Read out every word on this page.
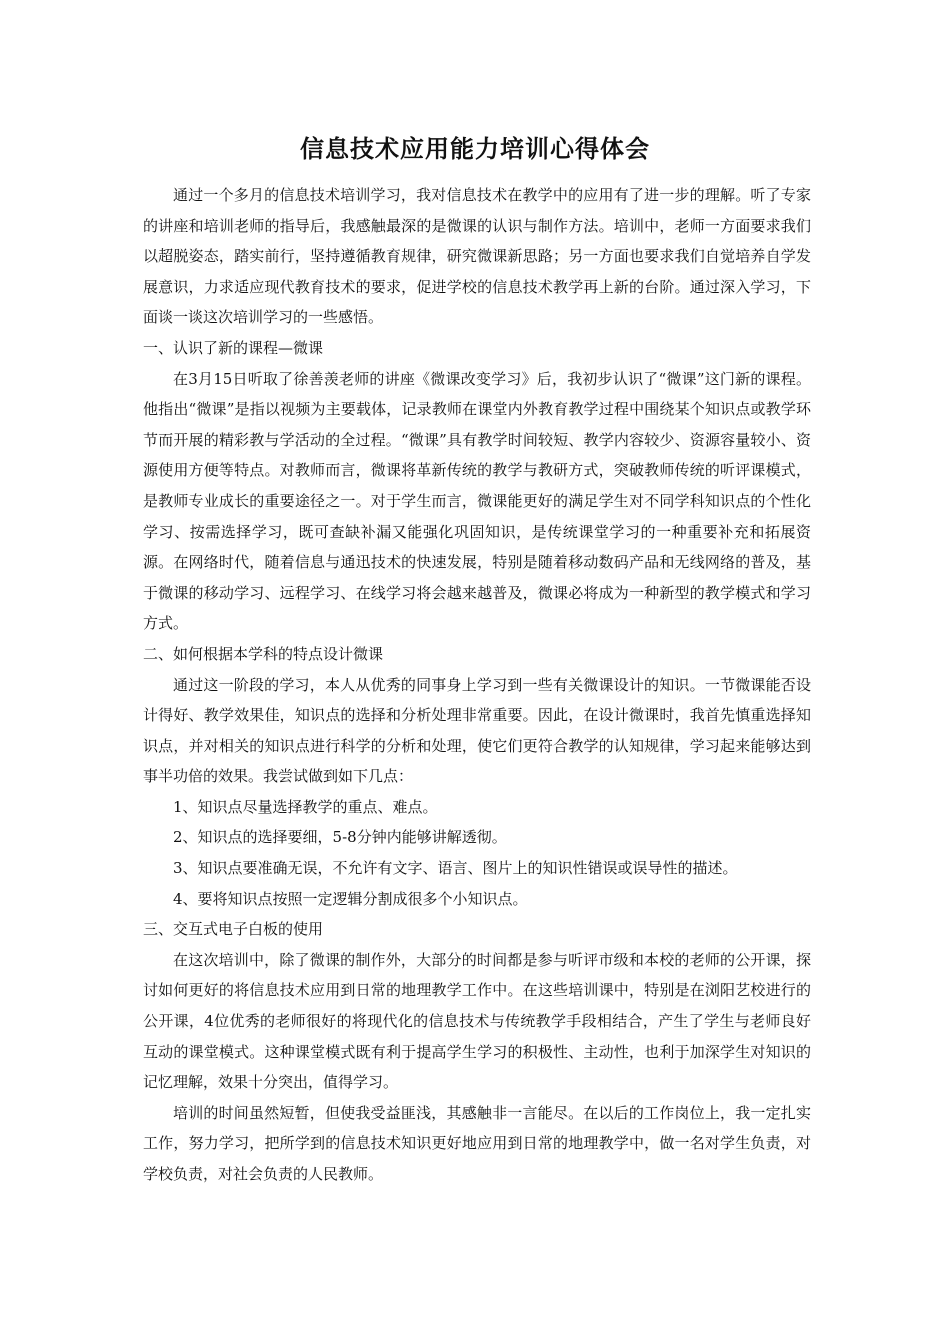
信息技术应用能力培训心得体会

通过一个多月的信息技术培训学习，我对信息技术在教学中的应用有了进一步的理解。听了专家的讲座和培训老师的指导后，我感触最深的是微课的认识与制作方法。培训中，老师一方面要求我们以超脱姿态，踏实前行，坚持遵循教育规律，研究微课新思路；另一方面也要求我们自觉培养自学发展意识，力求适应现代教育技术的要求，促进学校的信息技术教学再上新的台阶。通过深入学习，下面谈一谈这次培训学习的一些感悟。

一、认识了新的课程—微课

在3月15日听取了徐善羡老师的讲座《微课改变学习》后，我初步认识了“微课”这门新的课程。他指出“微课”是指以视频为主要载体，记录教师在课堂内外教育教学过程中围绕某个知识点或教学环节而开展的精彩教与学活动的全过程。“微课”具有教学时间较短、教学内容较少、资源容量较小、资源使用方便等特点。对教师而言，微课将革新传统的教学与教研方式，突破教师传统的听评课模式，是教师专业成长的重要途径之一。对于学生而言，微课能更好的满足学生对不同学科知识点的个性化学习、按需选择学习，既可查缺补漏又能强化巩固知识，是传统课堂学习的一种重要补充和拓展资源。在网络时代，随着信息与通迅技术的快速发展，特别是随着移动数码产品和无线网络的普及，基于微课的移动学习、远程学习、在线学习将会越来越普及，微课必将成为一种新型的教学模式和学习方式。

二、如何根据本学科的特点设计微课

通过这一阶段的学习，本人从优秀的同事身上学习到一些有关微课设计的知识。一节微课能否设计得好、教学效果佳，知识点的选择和分析处理非常重要。因此，在设计微课时，我首先慎重选择知识点，并对相关的知识点进行科学的分析和处理，使它们更符合教学的认知规律，学习起来能够达到事半功倍的效果。我尝试做到如下几点：

1、知识点尽量选择教学的重点、难点。

2、知识点的选择要细，5-8分钟内能够讲解透彻。

3、知识点要准确无误，不允许有文字、语言、图片上的知识性错误或误导性的描述。

4、要将知识点按照一定逻辑分割成很多个小知识点。

三、交互式电子白板的使用

在这次培训中，除了微课的制作外，大部分的时间都是参与听评市级和本校的老师的公开课，探讨如何更好的将信息技术应用到日常的地理教学工作中。在这些培训课中，特别是在浏阳艺校进行的公开课，4位优秀的老师很好的将现代化的信息技术与传统教学手段相结合，产生了学生与老师良好互动的课堂模式。这种课堂模式既有利于提高学生学习的积极性、主动性，也利于加深学生对知识的记忆理解，效果十分突出，值得学习。

培训的时间虽然短暂，但使我受益匪浅，其感触非一言能尽。在以后的工作岗位上，我一定扎实工作，努力学习，把所学到的信息技术知识更好地应用到日常的地理教学中，做一名对学生负责，对学校负责，对社会负责的人民教师。
